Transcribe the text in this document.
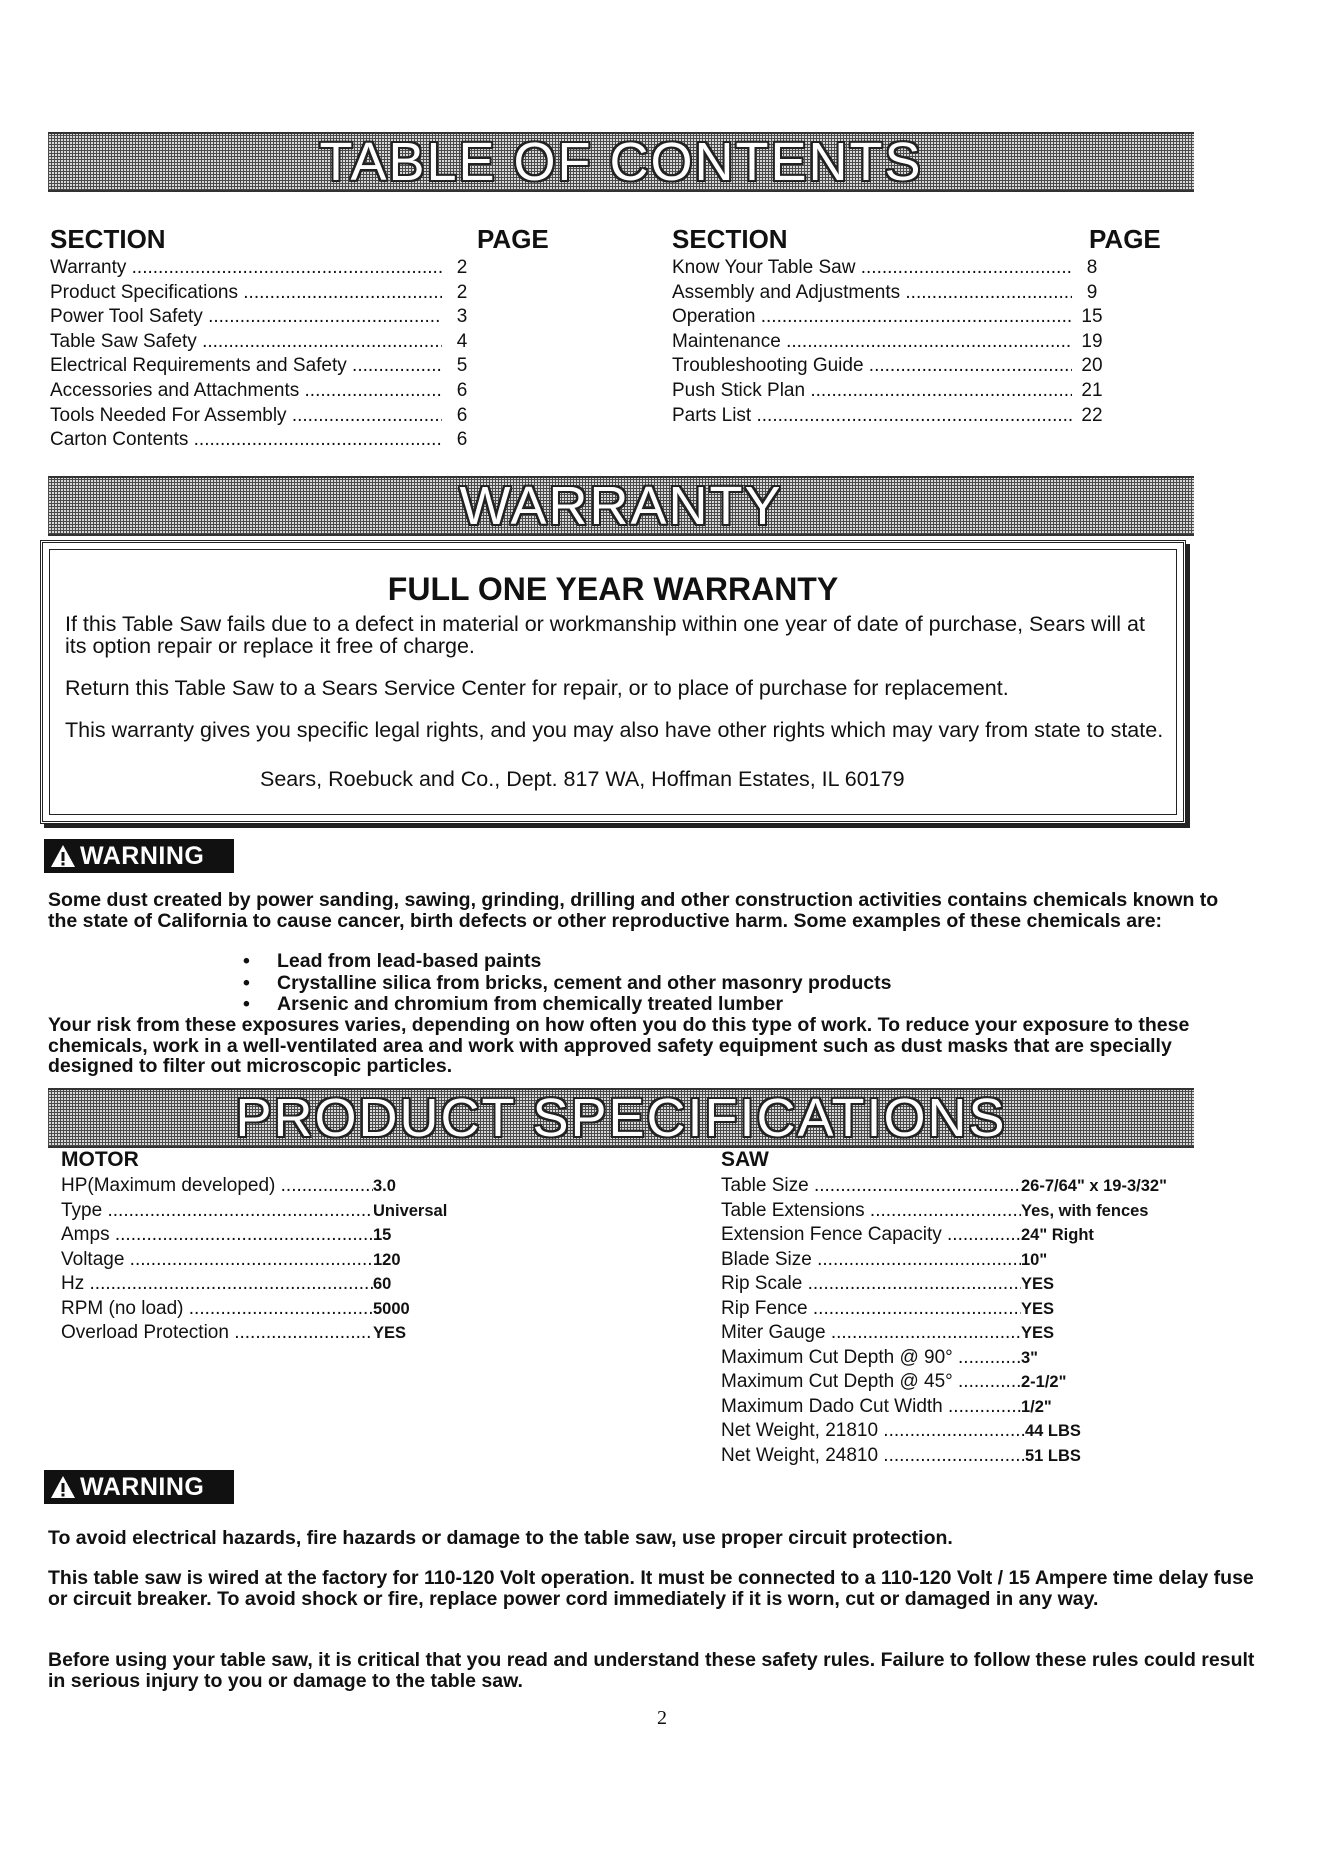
TABLE OF CONTENTS
SECTION	PAGE	SECTION	PAGE
Warranty .....	2
Product Specifications .....	2
Power Tool Safety .....	3
Table Saw Safety .....	4
Electrical Requirements and Safety .....	5
Accessories and Attachments .....	6
Tools Needed For Assembly .....	6
Carton Contents .....	6
Know Your Table Saw .....	8
Assembly and Adjustments .....	9
Operation .....	15
Maintenance .....	19
Troubleshooting Guide .....	20
Push Stick Plan .....	21
Parts List .....	22
WARRANTY
FULL ONE YEAR WARRANTY

If this Table Saw fails due to a defect in material or workmanship within one year of date of purchase, Sears will at its option repair or replace it free of charge.

Return this Table Saw to a Sears Service Center for repair, or to place of purchase for replacement.

This warranty gives you specific legal rights, and you may also have other rights which may vary from state to state.

Sears, Roebuck and Co., Dept. 817 WA, Hoffman Estates, IL 60179

WARNING

Some dust created by power sanding, sawing, grinding, drilling and other construction activities contains chemicals known to the state of California to cause cancer, birth defects or other reproductive harm. Some examples of these chemicals are:

• Lead from lead-based paints
• Crystalline silica from bricks, cement and other masonry products
• Arsenic and chromium from chemically treated lumber

Your risk from these exposures varies, depending on how often you do this type of work. To reduce your exposure to these chemicals, work in a well-ventilated area and work with approved safety equipment such as dust masks that are specially designed to filter out microscopic particles.

PRODUCT SPECIFICATIONS
MOTOR
HP(Maximum developed) .....	3.0
Type .....	Universal
Amps .....	15
Voltage .....	120
Hz .....	60
RPM (no load) .....	5000
Overload Protection .....	YES
SAW
Table Size .....	26-7/64" x 19-3/32"
Table Extensions .....	Yes, with fences
Extension Fence Capacity .....	24" Right
Blade Size .....	10"
Rip Scale .....	YES
Rip Fence .....	YES
Miter Gauge .....	YES
Maximum Cut Depth @ 90° .....	3"
Maximum Cut Depth @ 45° .....	2-1/2"
Maximum Dado Cut Width .....	1/2"
Net Weight, 21810 .....	44 LBS
Net Weight, 24810 .....	51 LBS
WARNING

To avoid electrical hazards, fire hazards or damage to the table saw, use proper circuit protection.

This table saw is wired at the factory for 110-120 Volt operation. It must be connected to a 110-120 Volt / 15 Ampere time delay fuse or circuit breaker. To avoid shock or fire, replace power cord immediately if it is worn, cut or damaged in any way.

Before using your table saw, it is critical that you read and understand these safety rules. Failure to follow these rules could result in serious injury to you or damage to the table saw.

2
